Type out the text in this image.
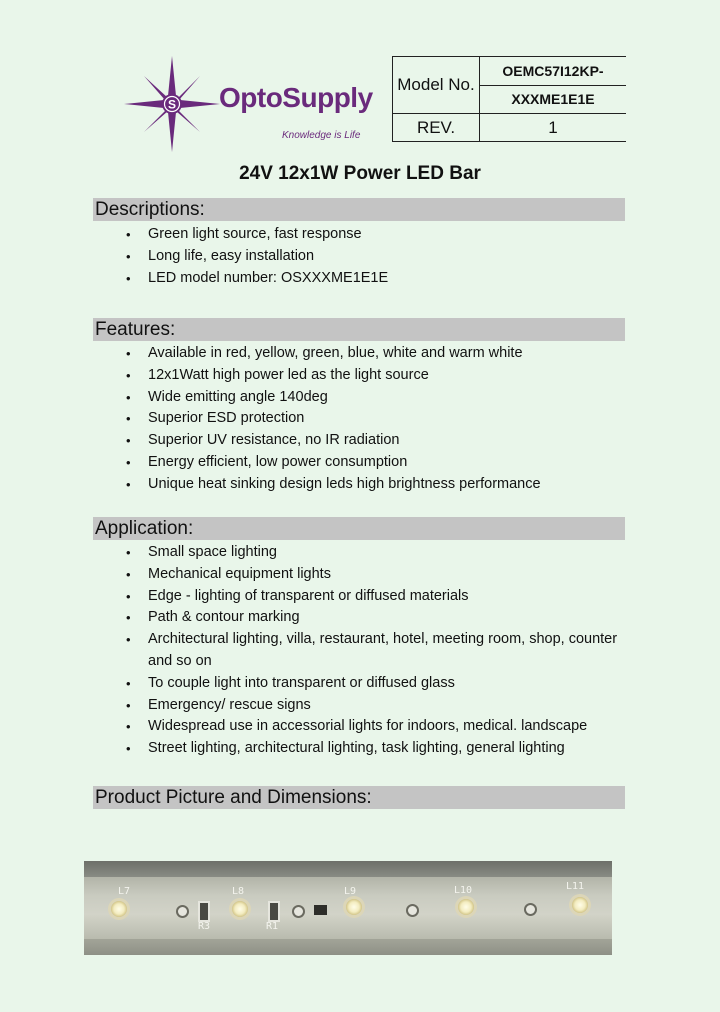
S OptoSupply
Knowledge is Life
Model No.	OEMC57I12KP-
	XXXME1E1E
REV.	1
24V 12x1W Power LED Bar
Descriptions:
• Green light source, fast response
• Long life, easy installation
• LED model number: OSXXXME1E1E
Features:
• Available in red, yellow, green, blue, white and warm white
• 12x1Watt high power led as the light source
• Wide emitting angle 140deg
• Superior ESD protection
• Superior UV resistance, no IR radiation
• Energy efficient, low power consumption
• Unique heat sinking design leds high brightness performance
Application:
• Small space lighting
• Mechanical equipment lights
• Edge - lighting of transparent or diffused materials
• Path & contour marking
• Architectural lighting, villa, restaurant, hotel, meeting room, shop, counter and so on
• To couple light into transparent or diffused glass
• Emergency/ rescue signs
• Widespread use in accessorial lights for indoors, medical. landscape
• Street lighting, architectural lighting, task lighting, general lighting
Product Picture and Dimensions:
L7
R3
L8
R1
L9	L10	L11
